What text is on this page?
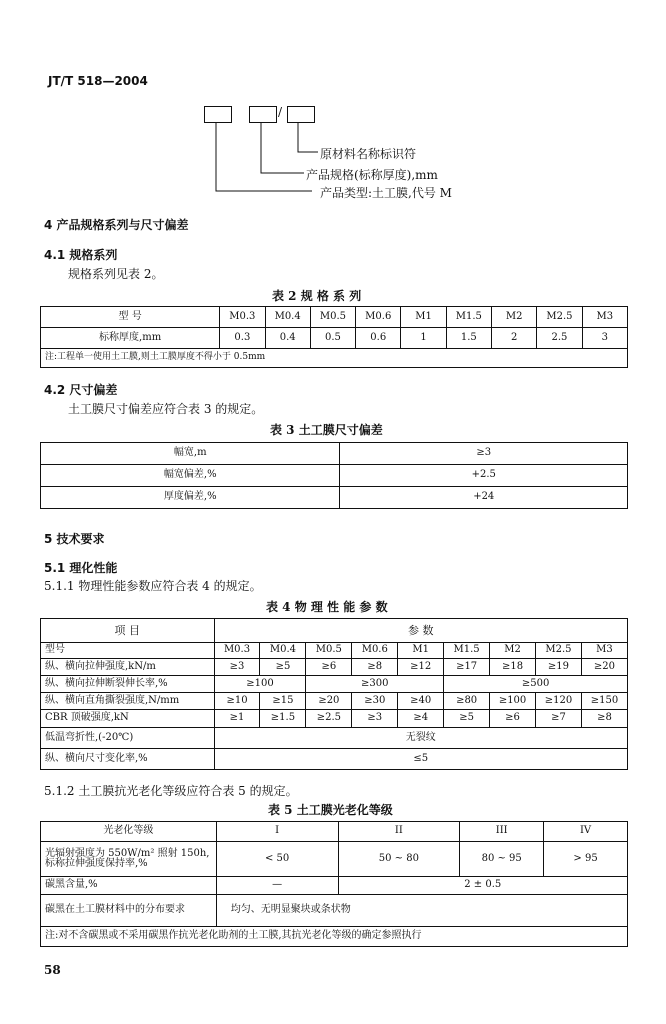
JT/T 518—2004
/
原材料名称标识符
产品规格(标称厚度),mm
产品类型:土工膜,代号 M
4 产品规格系列与尺寸偏差
4.1 规格系列
规格系列见表 2。
表 2 规 格 系 列
型 号	M0.3	M0.4	M0.5	M0.6	M1	M1.5	M2	M2.5	M3
标称厚度,mm	0.3	0.4	0.5	0.6	1	1.5	2	2.5	3
注:工程单一使用土工膜,则土工膜厚度不得小于 0.5mm									
4.2 尺寸偏差
土工膜尺寸偏差应符合表 3 的规定。
表 3 土工膜尺寸偏差
幅宽,m	≥3
幅宽偏差,%	+2.5
厚度偏差,%	+24
5 技术要求
5.1 理化性能
5.1.1 物理性能参数应符合表 4 的规定。
表 4 物 理 性 能 参 数
项 目	参 数								
型号	M0.3	M0.4	M0.5	M0.6	M1	M1.5	M2	M2.5	M3
纵、横向拉伸强度,kN/m	≥3	≥5	≥6	≥8	≥12	≥17	≥18	≥19	≥20
纵、横向拉伸断裂伸长率,%	≥100		≥300			≥500			
纵、横向直角撕裂强度,N/mm	≥10	≥15	≥20	≥30	≥40	≥80	≥100	≥120	≥150
CBR 顶破强度,kN	≥1	≥1.5	≥2.5	≥3	≥4	≥5	≥6	≥7	≥8
低温弯折性,(-20℃)	无裂纹								
纵、横向尺寸变化率,%	≤5								
5.1.2 土工膜抗光老化等级应符合表 5 的规定。
表 5 土工膜光老化等级
光老化等级	I	II	III	IV
光辐射强度为 550W/m² 照射 150h,标称拉伸强度保持率,%	< 50	50 ~ 80	80 ~ 95	> 95
碳黑含量,%	—	2 ± 0.5		
碳黑在土工膜材料中的分布要求	均匀、无明显聚块或条状物			
注:对不含碳黑或不采用碳黑作抗光老化助剂的土工膜,其抗光老化等级的确定参照执行				
58
